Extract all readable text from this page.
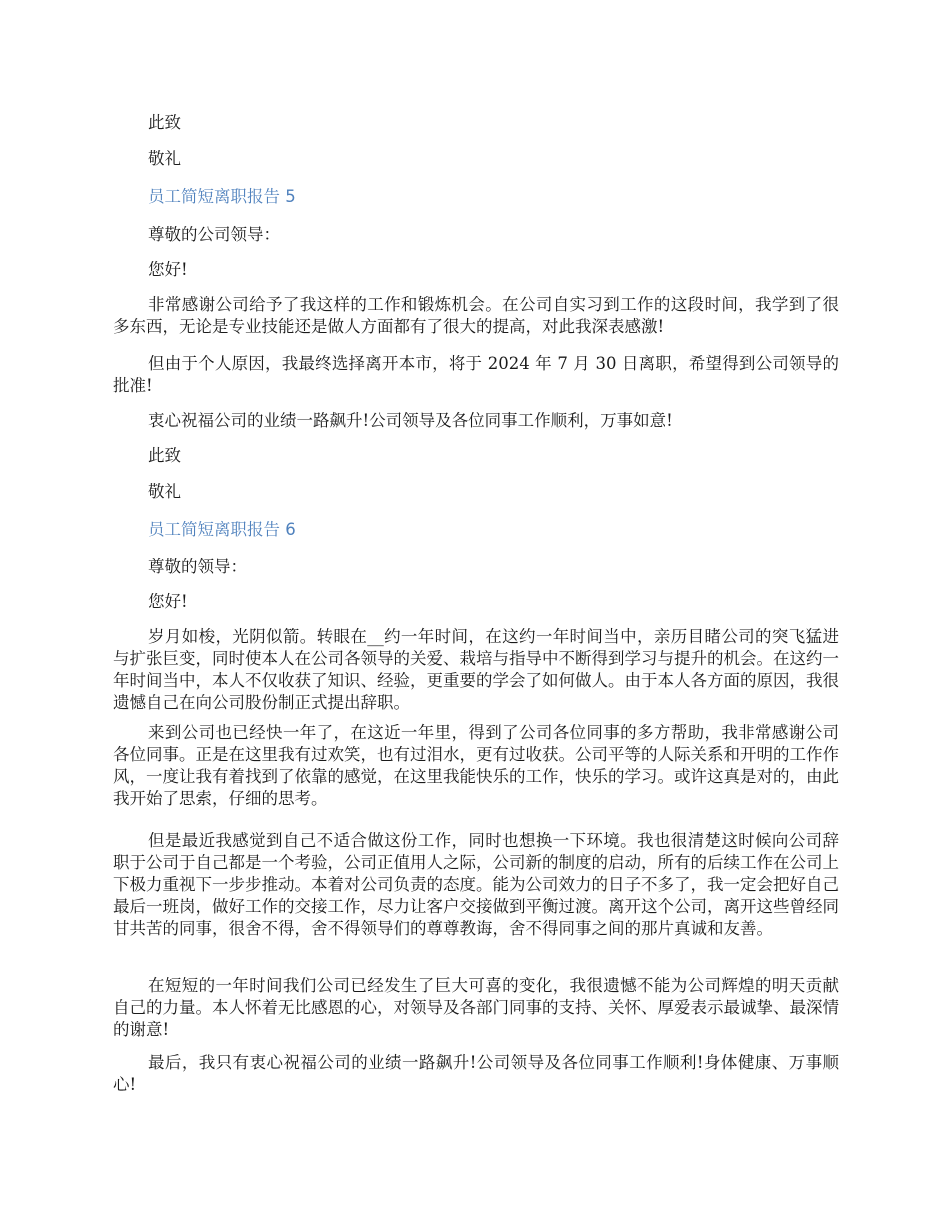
此致

敬礼

员工简短离职报告 5

尊敬的公司领导：

您好!

非常感谢公司给予了我这样的工作和锻炼机会。在公司自实习到工作的这段时间，我学到了很多东西，无论是专业技能还是做人方面都有了很大的提高，对此我深表感激!

但由于个人原因，我最终选择离开本市，将于 2024 年 7 月 30 日离职，希望得到公司领导的批准!

衷心祝福公司的业绩一路飙升!公司领导及各位同事工作顺利，万事如意!

此致

敬礼

员工简短离职报告 6

尊敬的领导：

您好!

岁月如梭，光阴似箭。转眼在__约一年时间，在这约一年时间当中，亲历目睹公司的突飞猛进与扩张巨变，同时使本人在公司各领导的关爱、栽培与指导中不断得到学习与提升的机会。在这约一年时间当中，本人不仅收获了知识、经验，更重要的学会了如何做人。由于本人各方面的原因，我很遗憾自己在向公司股份制正式提出辞职。

来到公司也已经快一年了，在这近一年里，得到了公司各位同事的多方帮助，我非常感谢公司各位同事。正是在这里我有过欢笑，也有过泪水，更有过收获。公司平等的人际关系和开明的工作作风，一度让我有着找到了依靠的感觉，在这里我能快乐的工作，快乐的学习。或许这真是对的，由此我开始了思索，仔细的思考。

但是最近我感觉到自己不适合做这份工作，同时也想换一下环境。我也很清楚这时候向公司辞职于公司于自己都是一个考验，公司正值用人之际，公司新的制度的启动，所有的后续工作在公司上下极力重视下一步步推动。本着对公司负责的态度。能为公司效力的日子不多了，我一定会把好自己最后一班岗，做好工作的交接工作，尽力让客户交接做到平衡过渡。离开这个公司，离开这些曾经同甘共苦的同事，很舍不得，舍不得领导们的尊尊教诲，舍不得同事之间的那片真诚和友善。

在短短的一年时间我们公司已经发生了巨大可喜的变化，我很遗憾不能为公司辉煌的明天贡献自己的力量。本人怀着无比感恩的心，对领导及各部门同事的支持、关怀、厚爱表示最诚挚、最深情的谢意!

最后，我只有衷心祝福公司的业绩一路飙升!公司领导及各位同事工作顺利!身体健康、万事顺心!
